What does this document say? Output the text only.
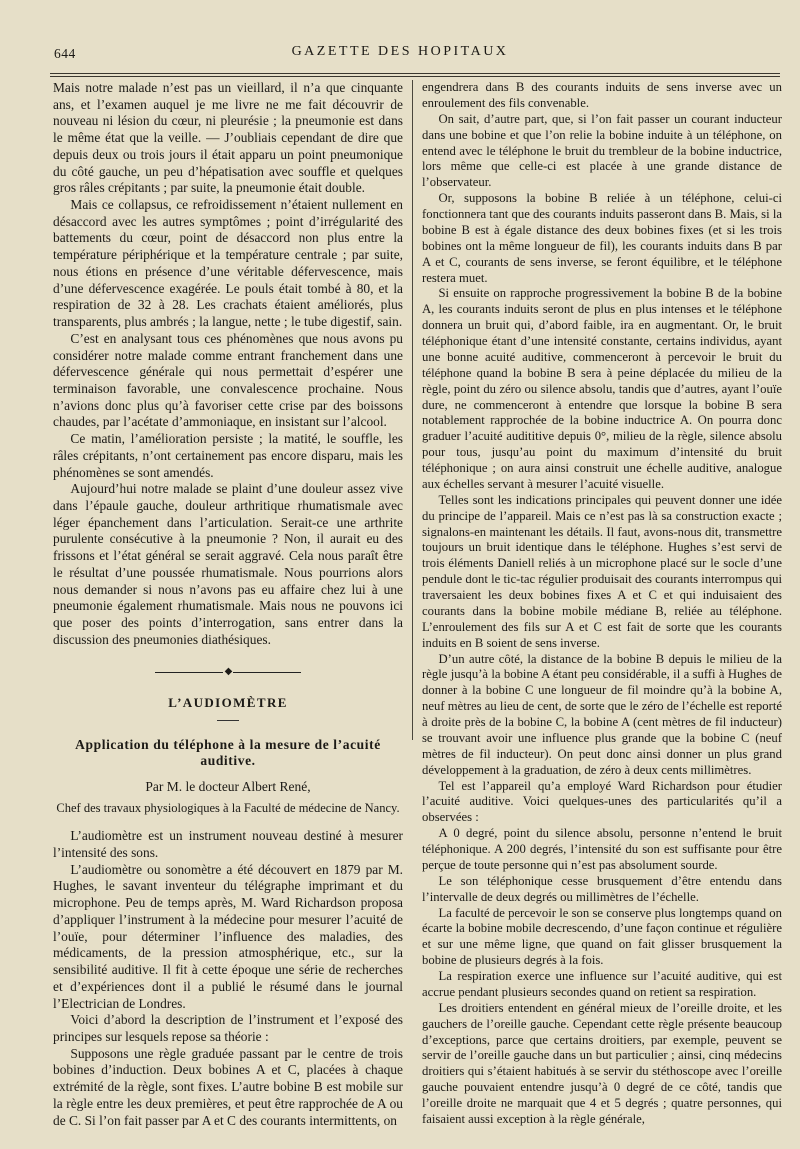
644	GAZETTE DES HOPITAUX

Mais notre malade n’est pas un vieillard, il n’a que cinquante ans, et l’examen auquel je me livre ne me fait découvrir de nouveau ni lésion du cœur, ni pleurésie ; la pneumonie est dans le même état que la veille. — J’oubliais cependant de dire que depuis deux ou trois jours il était apparu un point pneumonique du côté gauche, un peu d’hépatisation avec souffle et quelques gros râles crépitants ; par suite, la pneumonie était double.

Mais ce collapsus, ce refroidissement n’étaient nullement en désaccord avec les autres symptômes ; point d’irrégularité des battements du cœur, point de désaccord non plus entre la température périphérique et la température centrale ; par suite, nous étions en présence d’une véritable défervescence, mais d’une défervescence exagérée. Le pouls était tombé à 80, et la respiration de 32 à 28. Les crachats étaient améliorés, plus transparents, plus ambrés ; la langue, nette ; le tube digestif, sain.

C’est en analysant tous ces phénomènes que nous avons pu considérer notre malade comme entrant franchement dans une défervescence générale qui nous permettait d’espérer une terminaison favorable, une convalescence prochaine. Nous n’avions donc plus qu’à favoriser cette crise par des boissons chaudes, par l’acétate d’ammoniaque, en insistant sur l’alcool.

Ce matin, l’amélioration persiste ; la matité, le souffle, les râles crépitants, n’ont certainement pas encore disparu, mais les phénomènes se sont amendés.

Aujourd’hui notre malade se plaint d’une douleur assez vive dans l’épaule gauche, douleur arthritique rhumatismale avec léger épanchement dans l’articulation. Serait-ce une arthrite purulente consécutive à la pneumonie ? Non, il aurait eu des frissons et l’état général se serait aggravé. Cela nous paraît être le résultat d’une poussée rhumatismale. Nous pourrions alors nous demander si nous n’avons pas eu affaire chez lui à une pneumonie également rhumatismale. Mais nous ne pouvons ici que poser des points d’interrogation, sans entrer dans la discussion des pneumonies diathésiques.

◆
L’AUDIOMÈTRE
Application du téléphone à la mesure de l’acuité auditive.
Par M. le docteur Albert René,
Chef des travaux physiologiques à la Faculté de médecine de Nancy.

L’audiomètre est un instrument nouveau destiné à mesurer l’intensité des sons.

L’audiomètre ou sonomètre a été découvert en 1879 par M. Hughes, le savant inventeur du télégraphe imprimant et du microphone. Peu de temps après, M. Ward Richardson proposa d’appliquer l’instrument à la médecine pour mesurer l’acuité de l’ouïe, pour déterminer l’influence des maladies, des médicaments, de la pression atmosphérique, etc., sur la sensibilité auditive. Il fit à cette époque une série de recherches et d’expériences dont il a publié le résumé dans le journal l’Electrician de Londres.

Voici d’abord la description de l’instrument et l’exposé des principes sur lesquels repose sa théorie :

Supposons une règle graduée passant par le centre de trois bobines d’induction. Deux bobines A et C, placées à chaque extrémité de la règle, sont fixes. L’autre bobine B est mobile sur la règle entre les deux premières, et peut être rapprochée de A ou de C. Si l’on fait passer par A et C des courants intermittents, on

engendrera dans B des courants induits de sens inverse avec un enroulement des fils convenable.

On sait, d’autre part, que, si l’on fait passer un courant inducteur dans une bobine et que l’on relie la bobine induite à un téléphone, on entend avec le téléphone le bruit du trembleur de la bobine inductrice, lors même que celle-ci est placée à une grande distance de l’observateur.

Or, supposons la bobine B reliée à un téléphone, celui-ci fonctionnera tant que des courants induits passeront dans B. Mais, si la bobine B est à égale distance des deux bobines fixes (et si les trois bobines ont la même longueur de fil), les courants induits dans B par A et C, courants de sens inverse, se feront équilibre, et le téléphone restera muet.

Si ensuite on rapproche progressivement la bobine B de la bobine A, les courants induits seront de plus en plus intenses et le téléphone donnera un bruit qui, d’abord faible, ira en augmentant. Or, le bruit téléphonique étant d’une intensité constante, certains individus, ayant une bonne acuité auditive, commenceront à percevoir le bruit du téléphone quand la bobine B sera à peine déplacée du milieu de la règle, point du zéro ou silence absolu, tandis que d’autres, ayant l’ouïe dure, ne commenceront à entendre que lorsque la bobine B sera notablement rapprochée de la bobine inductrice A. On pourra donc graduer l’acuité audititive depuis 0°, milieu de la règle, silence absolu pour tous, jusqu’au point du maximum d’intensité du bruit téléphonique ; on aura ainsi construit une échelle auditive, analogue aux échelles servant à mesurer l’acuité visuelle.

Telles sont les indications principales qui peuvent donner une idée du principe de l’appareil. Mais ce n’est pas là sa construction exacte ; signalons-en maintenant les détails. Il faut, avons-nous dit, transmettre toujours un bruit identique dans le téléphone. Hughes s’est servi de trois éléments Daniell reliés à un microphone placé sur le socle d’une pendule dont le tic-tac régulier produisait des courants interrompus qui traversaient les deux bobines fixes A et C et qui induisaient des courants dans la bobine mobile médiane B, reliée au téléphone. L’enroulement des fils sur A et C est fait de sorte que les courants induits en B soient de sens inverse.

D’un autre côté, la distance de la bobine B depuis le milieu de la règle jusqu’à la bobine A étant peu considérable, il a suffi à Hughes de donner à la bobine C une longueur de fil moindre qu’à la bobine A, neuf mètres au lieu de cent, de sorte que le zéro de l’échelle est reporté à droite près de la bobine C, la bobine A (cent mètres de fil inducteur) se trouvant avoir une influence plus grande que la bobine C (neuf mètres de fil inducteur). On peut donc ainsi donner un plus grand développement à la graduation, de zéro à deux cents millimètres.

Tel est l’appareil qu’a employé Ward Richardson pour étudier l’acuité auditive. Voici quelques-unes des particularités qu’il a observées :

A 0 degré, point du silence absolu, personne n’entend le bruit téléphonique. A 200 degrés, l’intensité du son est suffisante pour être perçue de toute personne qui n’est pas absolument sourde.

Le son téléphonique cesse brusquement d’être entendu dans l’intervalle de deux degrés ou millimètres de l’échelle.

La faculté de percevoir le son se conserve plus longtemps quand on écarte la bobine mobile decrescendo, d’une façon continue et régulière et sur une même ligne, que quand on fait glisser brusquement la bobine de plusieurs degrés à la fois.

La respiration exerce une influence sur l’acuité auditive, qui est accrue pendant plusieurs secondes quand on retient sa respiration.

Les droitiers entendent en général mieux de l’oreille droite, et les gauchers de l’oreille gauche. Cependant cette règle présente beaucoup d’exceptions, parce que certains droitiers, par exemple, peuvent se servir de l’oreille gauche dans un but particulier ; ainsi, cinq médecins droitiers qui s’étaient habitués à se servir du stéthoscope avec l’oreille gauche pouvaient entendre jusqu’à 0 degré de ce côté, tandis que l’oreille droite ne marquait que 4 et 5 degrés ; quatre personnes, qui faisaient aussi exception à la règle générale,
